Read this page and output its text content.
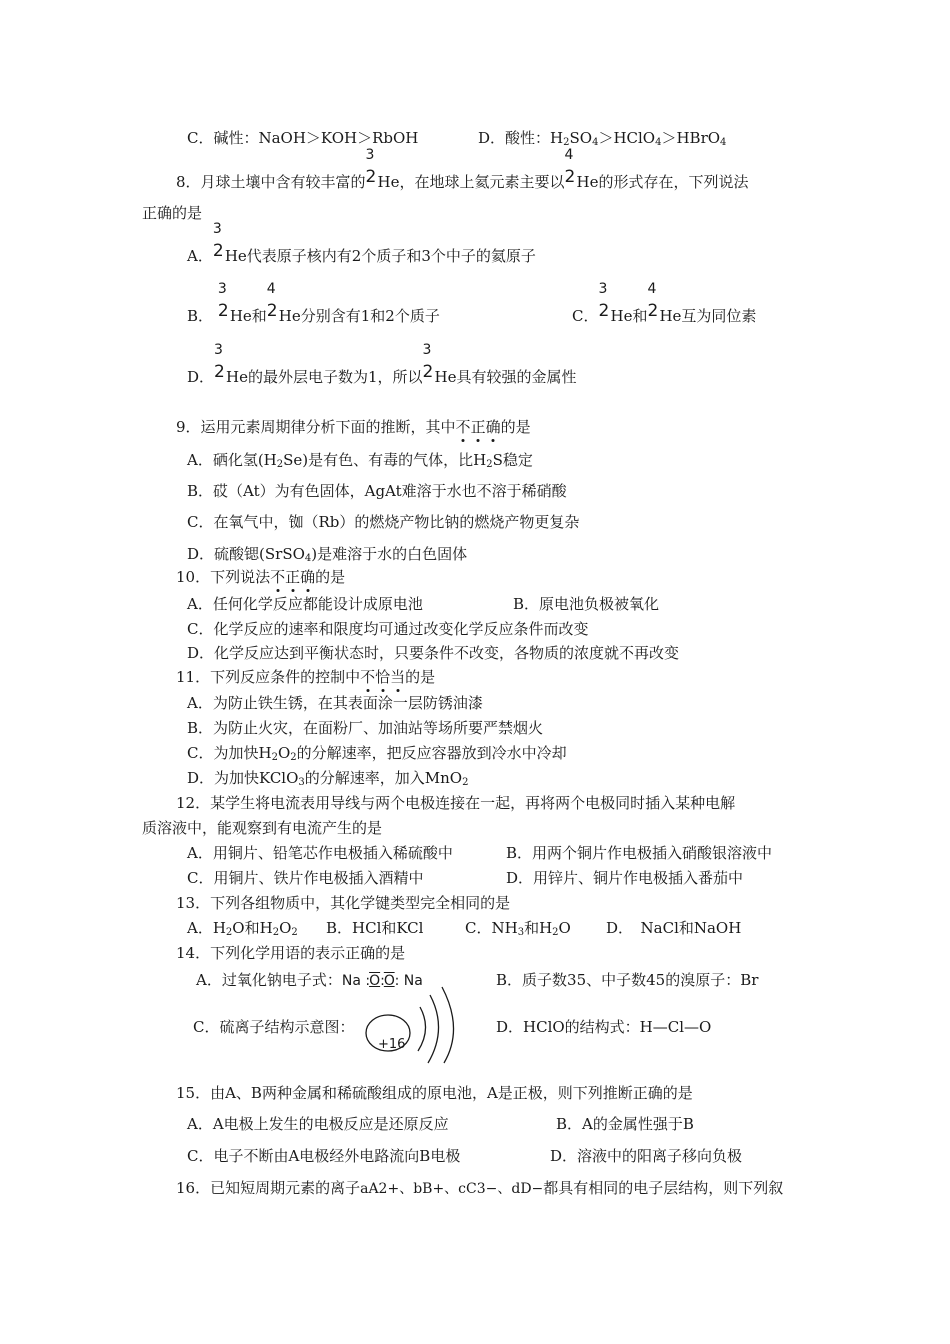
C．碱性：NaOH＞KOH＞RbOH	D．酸性：$H_2SO_4>HClO_4>HBrO_4$
8．月球土壤中含有较丰富的
3
2 He，在地球上氦元素主要以
4
2 He的形式存在，下列说法
正确的是
A．
3
2 He代表原子核内有2个质子和3个中子的氦原子
B．
3
2 He和
4
2 He分别含有1和2个质子	C．
3
2 He和
4
2 He互为同位素
D．
3
2 He的最外层电子数为1，所以
3
2 He具有较强的金属性
9．运用元素周期律分析下面的推断，其中不正确的是
A．硒化氢$(H_2Se)$是有色、有毒的气体，比$H_2S$稳定
B．砹（At）为有色固体，AgAt难溶于水也不溶于稀硝酸
C．在氧气中，铷（Rb）的燃烧产物比钠的燃烧产物更复杂
D．硫酸锶(SrSO$_4$)是难溶于水的白色固体
10．下列说法不正确的是
A．任何化学反应都能设计成原电池	B．原电池负极被氧化
C．化学反应的速率和限度均可通过改变化学反应条件而改变
D．化学反应达到平衡状态时，只要条件不改变，各物质的浓度就不再改变
11．下列反应条件的控制中不恰当的是
A．为防止铁生锈，在其表面涂一层防锈油漆
B．为防止火灾，在面粉厂、加油站等场所要严禁烟火
C．为加快$H_2O_2$的分解速率，把反应容器放到冷水中冷却
D．为加快KClO$_3$的分解速率，加入MnO$_2$
12．某学生将电流表用导线与两个电极连接在一起，再将两个电极同时插入某种电解
质溶液中，能观察到有电流产生的是
A．用铜片、铅笔芯作电极插入稀硫酸中	B．用两个铜片作电极插入硝酸银溶液中
C．用铜片、铁片作电极插入酒精中	D．用锌片、铜片作电极插入番茄中
13．下列各组物质中，其化学键类型完全相同的是
A．$H_2O$和$H_2O_2$ B．HCl和KCl	C．$NH_3$和$H_2O$ D．　NaCl和NaOH
14．下列化学用语的表示正确的是
A．过氧化钠电子式：Na :O:O: Na	B．质子数35、中子数45的溴原子：Br
C．硫离子结构示意图：
+16
D．HClO的结构式：H—Cl—O
15．由A、B两种金属和稀硫酸组成的原电池，A是正极，则下列推断正确的是
A．A电极上发生的电极反应是还原反应	B．A的金属性强于B
C．电子不断由A电极经外电路流向B电极	D．溶液中的阳离子移向负极
16．已知短周期元素的离子aA2+、bB+、cC3−、dD−都具有相同的电子层结构，则下列叙
